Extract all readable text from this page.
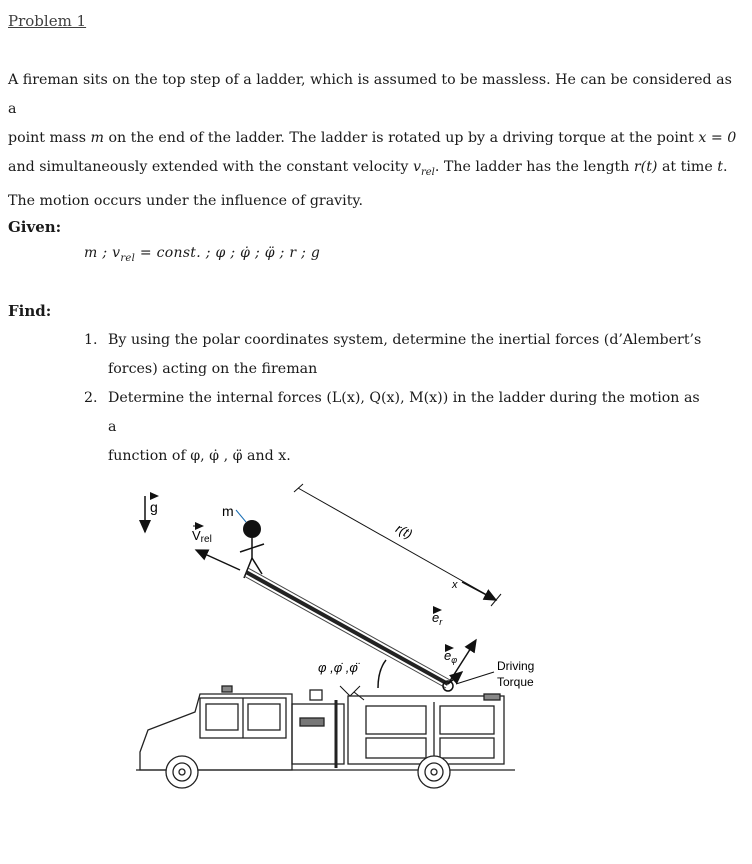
Problem 1
A fireman sits on the top step of a ladder, which is assumed to be massless. He can be considered as a
point mass m on the end of the ladder. The ladder is rotated up by a driving torque at the point x = 0
and simultaneously extended with the constant velocity $v_{rel}$. The ladder has the length r(t) at time t.
The motion occurs under the influence of gravity.
Given:
m ; $v_{rel}$ = const. ; φ ; φ̇ ; φ̈ ; r ; g
Find:
1. By using the polar coordinates system, determine the inertial forces (d’Alembert’s
forces) acting on the fireman
2. Determine the internal forces (L(x), Q(x), M(x)) in the ladder during the motion as a
function of φ, φ̇ , φ̈ and x.
g
Vrel
m
r(t)
x
$e_r$
$e_\varphi$
φ ,φ̇ ,φ̈	Driving
Torque
